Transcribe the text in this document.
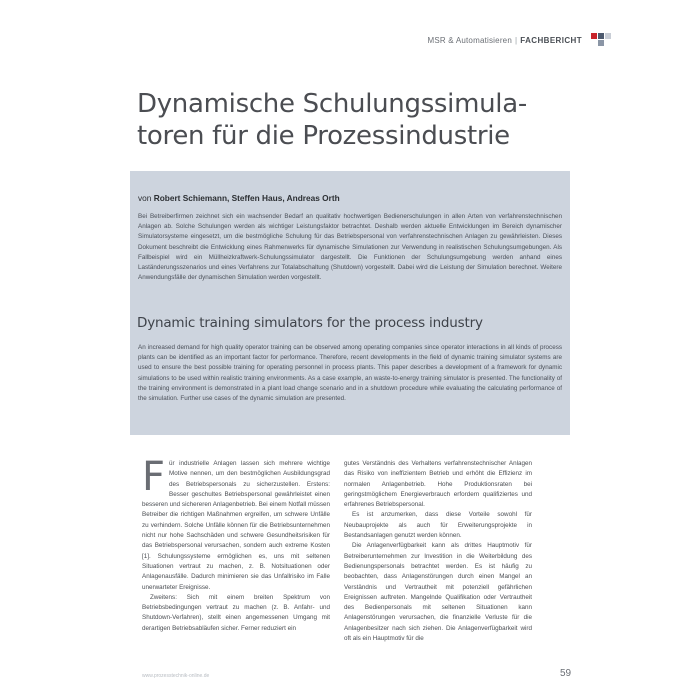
MSR & Automatisieren | FACHBERICHT
Dynamische Schulungssimula-
toren für die Prozessindustrie
von Robert Schiemann, Steffen Haus, Andreas Orth

Bei Betreiberfirmen zeichnet sich ein wachsender Bedarf an qualitativ hochwertigen Bedienerschulungen in allen Arten von verfahrenstechnischen Anlagen ab. Solche Schulungen werden als wichtiger Leistungsfaktor betrachtet. Deshalb werden aktuelle Entwicklungen im Bereich dynamischer Simulatorsysteme eingesetzt, um die bestmögliche Schulung für das Betriebspersonal von verfahrenstechnischen Anlagen zu gewährleisten. Dieses Dokument beschreibt die Entwicklung eines Rahmenwerks für dynamische Simulationen zur Verwendung in realistischen Schulungsumgebungen. Als Fallbeispiel wird ein Müllheizkraftwerk-Schulungssimulator dargestellt. Die Funktionen der Schulungsumgebung werden anhand eines Laständerungsszenarios und eines Verfahrens zur Totalabschaltung (Shutdown) vorgestellt. Dabei wird die Leistung der Simulation berechnet. Weitere Anwendungsfälle der dynamischen Simulation werden vorgestellt.

Dynamic training simulators for the process industry

An increased demand for high quality operator training can be observed among operating companies since operator interactions in all kinds of process plants can be identified as an important factor for performance. Therefore, recent developments in the field of dynamic training simulator systems are used to ensure the best possible training for operating personnel in process plants. This paper describes a development of a framework for dynamic simulations to be used within realistic training environments. As a case example, an waste-to-energy training simulator is presented. The functionality of the training environment is demonstrated in a plant load change scenario and in a shutdown procedure while evaluating the calculating performance of the simulation. Further use cases of the dynamic simulation are presented.

Für industrielle Anlagen lassen sich mehrere wichtige Motive nennen, um den bestmöglichen Ausbildungsgrad des Betriebspersonals zu sicherzustellen. Erstens: Besser geschultes Betriebspersonal gewährleistet einen besseren und sichereren Anlagenbetrieb. Bei einem Notfall müssen Betreiber die richtigen Maßnahmen ergreifen, um schwere Unfälle zu verhindern. Solche Unfälle können für die Betriebsunternehmen nicht nur hohe Sachschäden und schwere Gesundheitsrisiken für das Betriebspersonal verursachen, sondern auch extreme Kosten [1]. Schulungssysteme ermöglichen es, uns mit seltenen Situationen vertraut zu machen, z. B. Notsituationen oder Anlagenausfälle. Dadurch minimieren sie das Unfallrisiko im Falle unerwarteter Ereignisse.

Zweitens: Sich mit einem breiten Spektrum von Betriebsbedingungen vertraut zu machen (z. B. Anfahr- und Shutdown-Verfahren), stellt einen angemessenen Umgang mit derartigen Betriebsabläufen sicher. Ferner reduziert ein

gutes Verständnis des Verhaltens verfahrenstechnischer Anlagen das Risiko von ineffizientem Betrieb und erhöht die Effizienz im normalen Anlagenbetrieb. Hohe Produktionsraten bei geringstmöglichem Energieverbrauch erfordern qualifiziertes und erfahrenes Betriebspersonal.

Es ist anzumerken, dass diese Vorteile sowohl für Neubauprojekte als auch für Erweiterungsprojekte in Bestandsanlagen genutzt werden können.

Die Anlagenverfügbarkeit kann als drittes Hauptmotiv für Betreiberunternehmen zur Investition in die Weiterbildung des Bedienungspersonals betrachtet werden. Es ist häufig zu beobachten, dass Anlagenstörungen durch einen Mangel an Verständnis und Vertrautheit mit potenziell gefährlichen Ereignissen auftreten. Mangelnde Qualifikation oder Vertrautheit des Bedienpersonals mit seltenen Situationen kann Anlagenstörungen verursachen, die finanzielle Verluste für die Anlagenbesitzer nach sich ziehen. Die Anlagenverfügbarkeit wird oft als ein Hauptmotiv für die

www.prozesstechnik-online.de	59
